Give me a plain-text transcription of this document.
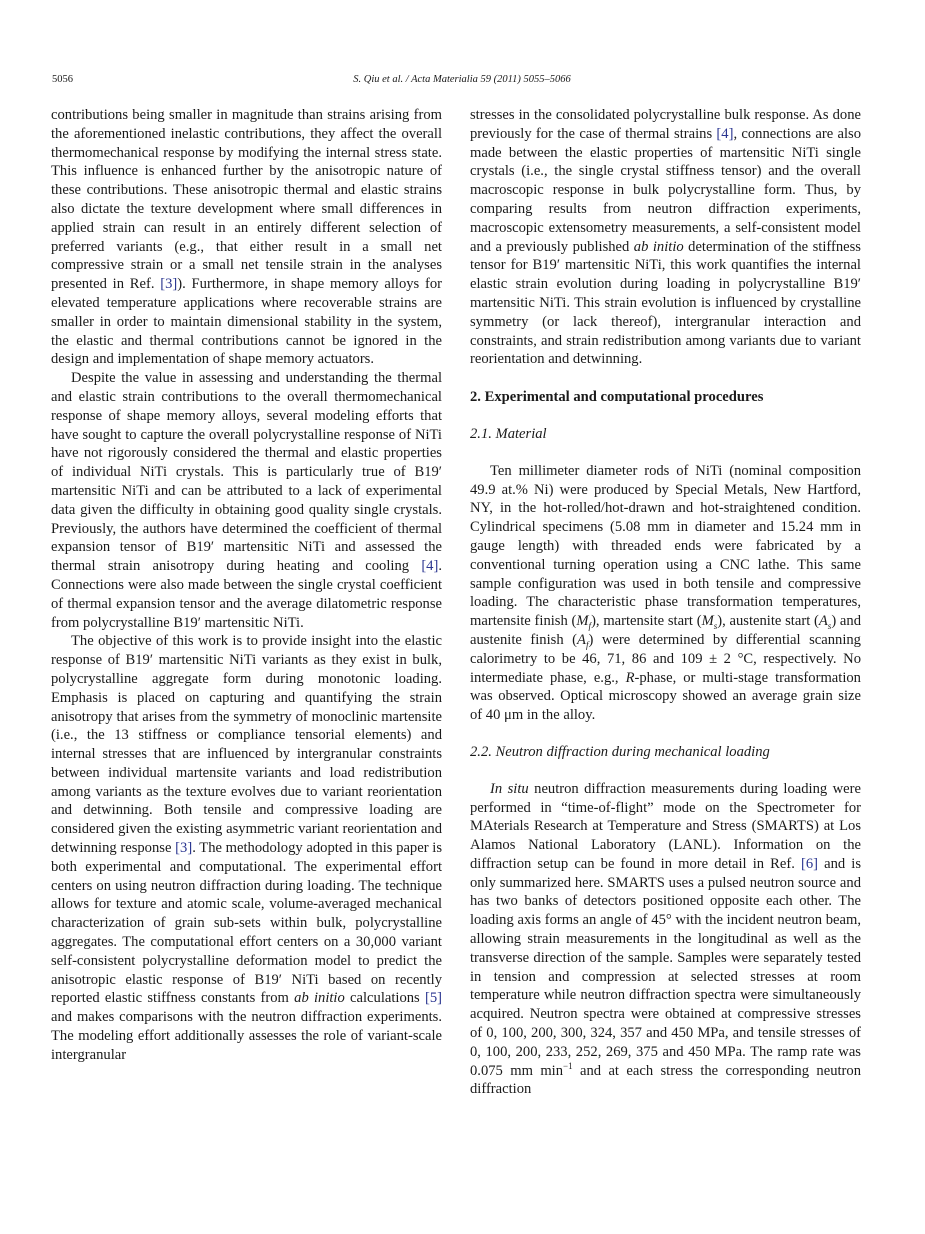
5056	S. Qiu et al. / Acta Materialia 59 (2011) 5055–5066

contributions being smaller in magnitude than strains arising from the aforementioned inelastic contributions, they affect the overall thermomechanical response by modifying the internal stress state. This influence is enhanced further by the anisotropic nature of these contributions. These anisotropic thermal and elastic strains also dictate the texture development where small differences in applied strain can result in an entirely different selection of preferred variants (e.g., that either result in a small net compressive strain or a small net tensile strain in the analyses presented in Ref. [3]). Furthermore, in shape memory alloys for elevated temperature applications where recoverable strains are smaller in order to maintain dimensional stability in the system, the elastic and thermal contributions cannot be ignored in the design and implementation of shape memory actuators.

Despite the value in assessing and understanding the thermal and elastic strain contributions to the overall thermomechanical response of shape memory alloys, several modeling efforts that have sought to capture the overall polycrystalline response of NiTi have not rigorously considered the thermal and elastic properties of individual NiTi crystals. This is particularly true of B19′ martensitic NiTi and can be attributed to a lack of experimental data given the difficulty in obtaining good quality single crystals. Previously, the authors have determined the coefficient of thermal expansion tensor of B19′ martensitic NiTi and assessed the thermal strain anisotropy during heating and cooling [4]. Connections were also made between the single crystal coefficient of thermal expansion tensor and the average dilatometric response from polycrystalline B19′ martensitic NiTi.

The objective of this work is to provide insight into the elastic response of B19′ martensitic NiTi variants as they exist in bulk, polycrystalline aggregate form during monotonic loading. Emphasis is placed on capturing and quantifying the strain anisotropy that arises from the symmetry of monoclinic martensite (i.e., the 13 stiffness or compliance tensorial elements) and internal stresses that are influenced by intergranular constraints between individual martensite variants and load redistribution among variants as the texture evolves due to variant reorientation and detwinning. Both tensile and compressive loading are considered given the existing asymmetric variant reorientation and detwinning response [3]. The methodology adopted in this paper is both experimental and computational. The experimental effort centers on using neutron diffraction during loading. The technique allows for texture and atomic scale, volume-averaged mechanical characterization of grain sub-sets within bulk, polycrystalline aggregates. The computational effort centers on a 30,000 variant self-consistent polycrystalline deformation model to predict the anisotropic elastic response of B19′ NiTi based on recently reported elastic stiffness constants from ab initio calculations [5] and makes comparisons with the neutron diffraction experiments. The modeling effort additionally assesses the role of variant-scale intergranular

stresses in the consolidated polycrystalline bulk response. As done previously for the case of thermal strains [4], connections are also made between the elastic properties of martensitic NiTi single crystals (i.e., the single crystal stiffness tensor) and the overall macroscopic response in bulk polycrystalline form. Thus, by comparing results from neutron diffraction experiments, macroscopic extensometry measurements, a self-consistent model and a previously published ab initio determination of the stiffness tensor for B19′ martensitic NiTi, this work quantifies the internal elastic strain evolution during loading in polycrystalline B19′ martensitic NiTi. This strain evolution is influenced by crystalline symmetry (or lack thereof), intergranular interaction and constraints, and strain redistribution among variants due to variant reorientation and detwinning.

2. Experimental and computational procedures
2.1. Material

Ten millimeter diameter rods of NiTi (nominal composition 49.9 at.% Ni) were produced by Special Metals, New Hartford, NY, in the hot-rolled/hot-drawn and hot-straightened condition. Cylindrical specimens (5.08 mm in diameter and 15.24 mm in gauge length) with threaded ends were fabricated by a conventional turning operation using a CNC lathe. This same sample configuration was used in both tensile and compressive loading. The characteristic phase transformation temperatures, martensite finish $(M_f)$, martensite start $(M_s)$, austenite start $(A_s)$ and austenite finish $(A_f)$ were determined by differential scanning calorimetry to be 46, 71, 86 and 109 ± 2 °C, respectively. No intermediate phase, e.g., R-phase, or multi-stage transformation was observed. Optical microscopy showed an average grain size of 40 μm in the alloy.

2.2. Neutron diffraction during mechanical loading

In situ neutron diffraction measurements during loading were performed in “time-of-flight” mode on the Spectrometer for MAterials Research at Temperature and Stress (SMARTS) at Los Alamos National Laboratory (LANL). Information on the diffraction setup can be found in more detail in Ref. [6] and is only summarized here. SMARTS uses a pulsed neutron source and has two banks of detectors positioned opposite each other. The loading axis forms an angle of 45° with the incident neutron beam, allowing strain measurements in the longitudinal as well as the transverse direction of the sample. Samples were separately tested in tension and compression at selected stresses at room temperature while neutron diffraction spectra were simultaneously acquired. Neutron spectra were obtained at compressive stresses of 0, 100, 200, 300, 324, 357 and 450 MPa, and tensile stresses of 0, 100, 200, 233, 252, 269, 375 and 450 MPa. The ramp rate was 0.075 mm $\min^{-1}$ and at each stress the corresponding neutron diffraction
